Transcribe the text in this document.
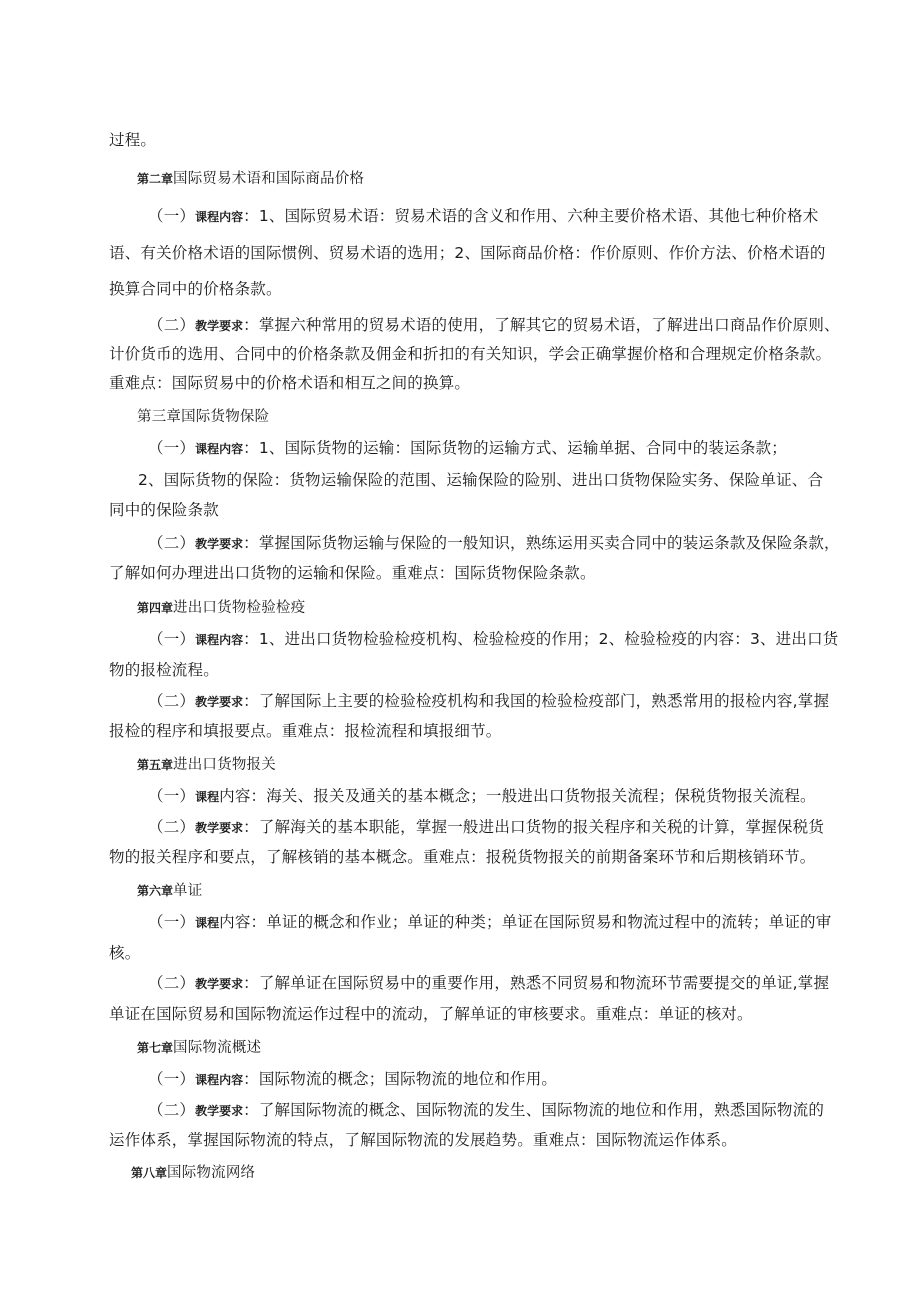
过程。
第二章国际贸易术语和国际商品价格
（一）课程内容：1、国际贸易术语：贸易术语的含义和作用、六种主要价格术语、其他七种价格术
语、有关价格术语的国际惯例、贸易术语的选用；2、国际商品价格：作价原则、作价方法、价格术语的
换算合同中的价格条款。
（二）教学要求：掌握六种常用的贸易术语的使用，了解其它的贸易术语，了解进出口商品作价原则、
计价货币的选用、合同中的价格条款及佣金和折扣的有关知识，学会正确掌握价格和合理规定价格条款。
重难点：国际贸易中的价格术语和相互之间的换算。
第三章国际货物保险
（一）课程内容：1、国际货物的运输：国际货物的运输方式、运输单据、合同中的装运条款；
2、国际货物的保险：货物运输保险的范围、运输保险的险别、进出口货物保险实务、保险单证、合
同中的保险条款
（二）教学要求：掌握国际货物运输与保险的一般知识，熟练运用买卖合同中的装运条款及保险条款，
了解如何办理进出口货物的运输和保险。重难点：国际货物保险条款。
第四章进出口货物检验检疫
（一）课程内容：1、进出口货物检验检疫机构、检验检疫的作用；2、检验检疫的内容：3、进出口货
物的报检流程。
（二）教学要求：了解国际上主要的检验检疫机构和我国的检验检疫部门，熟悉常用的报检内容,掌握
报检的程序和填报要点。重难点：报检流程和填报细节。
第五章进出口货物报关
（一）课程内容：海关、报关及通关的基本概念；一般进出口货物报关流程；保税货物报关流程。
（二）教学要求：了解海关的基本职能，掌握一般进出口货物的报关程序和关税的计算，掌握保税货
物的报关程序和要点，了解核销的基本概念。重难点：报税货物报关的前期备案环节和后期核销环节。
第六章单证
（一）课程内容：单证的概念和作业；单证的种类；单证在国际贸易和物流过程中的流转；单证的审
核。
（二）教学要求：了解单证在国际贸易中的重要作用，熟悉不同贸易和物流环节需要提交的单证,掌握
单证在国际贸易和国际物流运作过程中的流动，了解单证的审核要求。重难点：单证的核对。
第七章国际物流概述
（一）课程内容：国际物流的概念；国际物流的地位和作用。
（二）教学要求：了解国际物流的概念、国际物流的发生、国际物流的地位和作用，熟悉国际物流的
运作体系，掌握国际物流的特点，了解国际物流的发展趋势。重难点：国际物流运作体系。
第八章国际物流网络
